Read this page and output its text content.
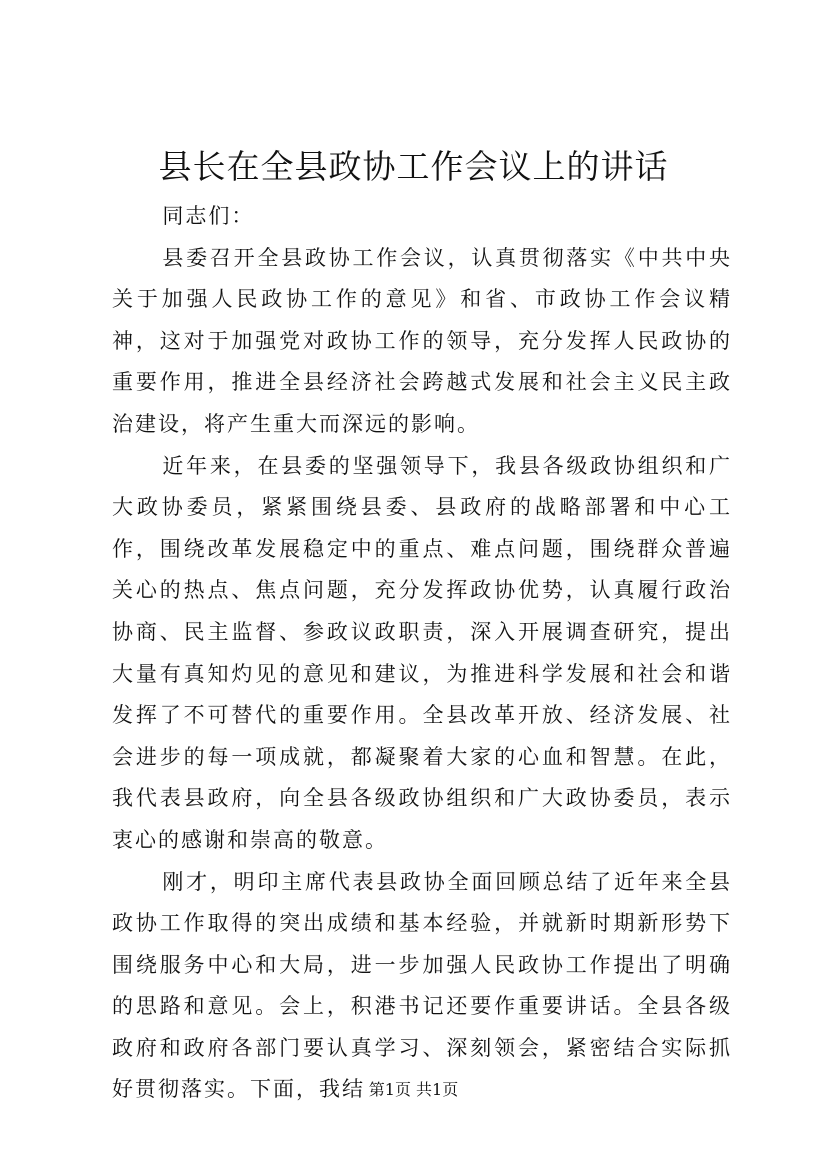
县长在全县政协工作会议上的讲话

同志们：

县委召开全县政协工作会议，认真贯彻落实《中共中央关于加强人民政协工作的意见》和省、市政协工作会议精神，这对于加强党对政协工作的领导，充分发挥人民政协的重要作用，推进全县经济社会跨越式发展和社会主义民主政治建设，将产生重大而深远的影响。

近年来，在县委的坚强领导下，我县各级政协组织和广大政协委员，紧紧围绕县委、县政府的战略部署和中心工作，围绕改革发展稳定中的重点、难点问题，围绕群众普遍关心的热点、焦点问题，充分发挥政协优势，认真履行政治协商、民主监督、参政议政职责，深入开展调查研究，提出大量有真知灼见的意见和建议，为推进科学发展和社会和谐发挥了不可替代的重要作用。全县改革开放、经济发展、社会进步的每一项成就，都凝聚着大家的心血和智慧。在此，我代表县政府，向全县各级政协组织和广大政协委员，表示衷心的感谢和崇高的敬意。

刚才，明印主席代表县政协全面回顾总结了近年来全县政协工作取得的突出成绩和基本经验，并就新时期新形势下围绕服务中心和大局，进一步加强人民政协工作提出了明确的思路和意见。会上，积港书记还要作重要讲话。全县各级政府和政府各部门要认真学习、深刻领会，紧密结合实际抓好贯彻落实。下面，我结 第1页 共1页
